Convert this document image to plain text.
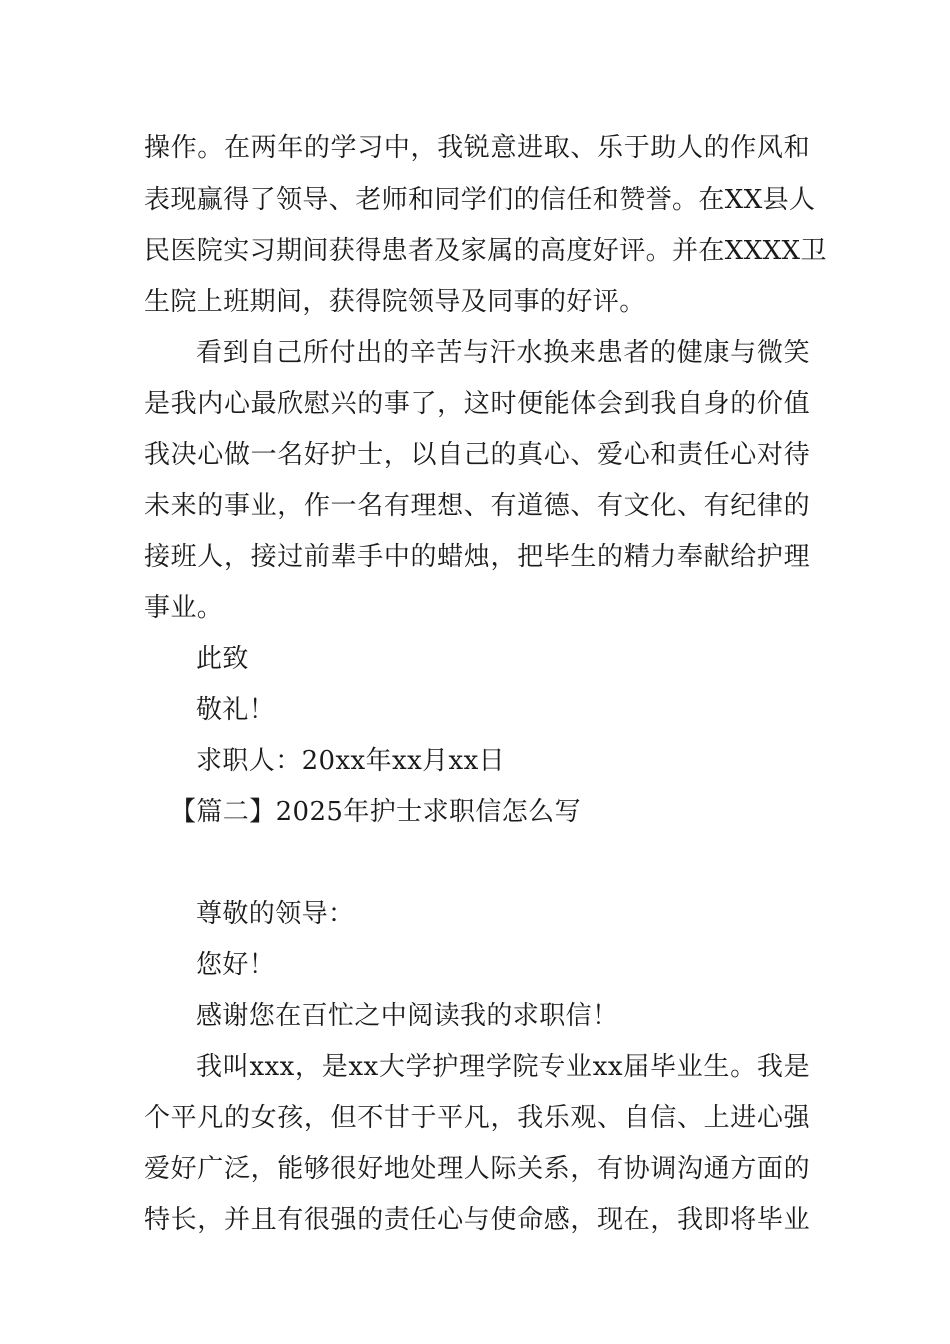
操作。在两年的学习中，我锐意进取、乐于助人的作风和
表现赢得了领导、老师和同学们的信任和赞誉。在XX县人
民医院实习期间获得患者及家属的高度好评。并在XXXX卫
生院上班期间，获得院领导及同事的好评。
看到自己所付出的辛苦与汗水换来患者的健康与微笑
是我内心最欣慰兴的事了，这时便能体会到我自身的价值
我决心做一名好护士，以自己的真心、爱心和责任心对待
未来的事业，作一名有理想、有道德、有文化、有纪律的
接班人，接过前辈手中的蜡烛，把毕生的精力奉献给护理
事业。
此致
敬礼！
求职人：20xx年xx月xx日
【篇二】2025年护士求职信怎么写
尊敬的领导：
您好！
感谢您在百忙之中阅读我的求职信！
我叫xxx，是xx大学护理学院专业xx届毕业生。我是
个平凡的女孩，但不甘于平凡，我乐观、自信、上进心强
爱好广泛，能够很好地处理人际关系，有协调沟通方面的
特长，并且有很强的责任心与使命感，现在，我即将毕业
